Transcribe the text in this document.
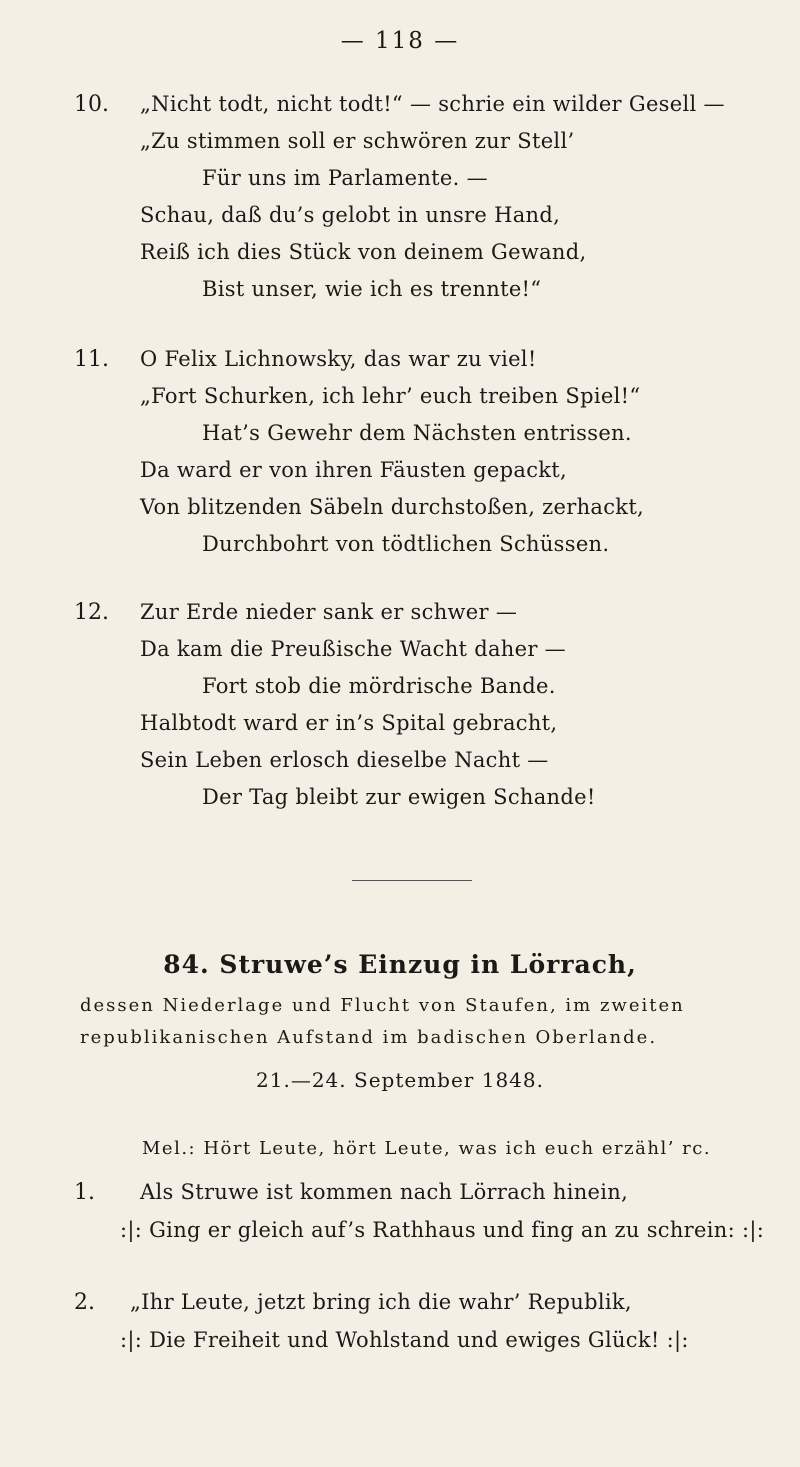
— 118 —
10. „Nicht todt, nicht todt!“ — schrie ein wilder Gesell —
„Zu stimmen soll er schwören zur Stell’
Für uns im Parlamente. —
Schau, daß du’s gelobt in unsre Hand,
Reiß ich dies Stück von deinem Gewand,
Bist unser, wie ich es trennte!“
11. O Felix Lichnowsky, das war zu viel!
„Fort Schurken, ich lehr’ euch treiben Spiel!“
Hat’s Gewehr dem Nächsten entrissen.
Da ward er von ihren Fäusten gepackt,
Von blitzenden Säbeln durchstoßen, zerhackt,
Durchbohrt von tödtlichen Schüssen.
12. Zur Erde nieder sank er schwer —
Da kam die Preußische Wacht daher —
Fort stob die mördrische Bande.
Halbtodt ward er in’s Spital gebracht,
Sein Leben erlosch dieselbe Nacht —
Der Tag bleibt zur ewigen Schande!
84. Struwe’s Einzug in Lörrach,
dessen Niederlage und Flucht von Staufen, im zweiten
republikanischen Aufstand im badischen Oberlande.
21.—24. September 1848.
Mel.: Hört Leute, hört Leute, was ich euch erzähl’ rc.
1. Als Struwe ist kommen nach Lörrach hinein,
:|: Ging er gleich auf’s Rathhaus und fing an zu schrein: :|:
2. „Ihr Leute, jetzt bring ich die wahr’ Republik,
:|: Die Freiheit und Wohlstand und ewiges Glück! :|:
